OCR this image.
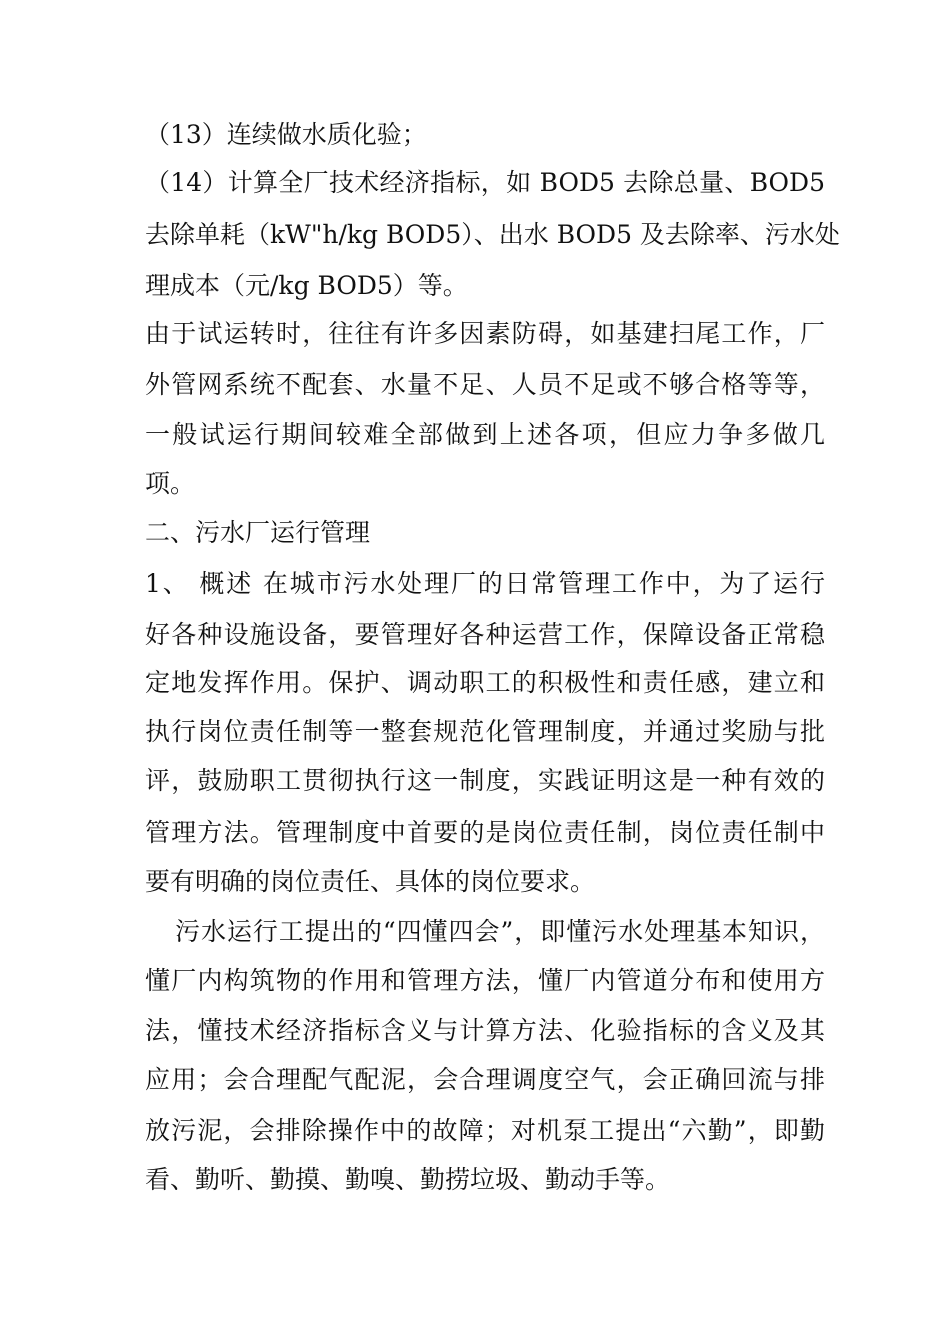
（13）连续做水质化验；
（14）计算全厂技术经济指标，如 BOD5 去除总量、BOD5
去除单耗（kW"h/kg BOD5）、出水 BOD5 及去除率、污水处
理成本（元/kg BOD5）等。
由于试运转时，往往有许多因素防碍，如基建扫尾工作，厂
外管网系统不配套、水量不足、人员不足或不够合格等等，
一般试运行期间较难全部做到上述各项，但应力争多做几
项。
二、污水厂运行管理
1、 概述 在城市污水处理厂的日常管理工作中，为了运行
好各种设施设备，要管理好各种运营工作，保障设备正常稳
定地发挥作用。保护、调动职工的积极性和责任感，建立和
执行岗位责任制等一整套规范化管理制度，并通过奖励与批
评，鼓励职工贯彻执行这一制度，实践证明这是一种有效的
管理方法。管理制度中首要的是岗位责任制，岗位责任制中
要有明确的岗位责任、具体的岗位要求。
污水运行工提出的“四懂四会”，即懂污水处理基本知识，
懂厂内构筑物的作用和管理方法，懂厂内管道分布和使用方
法，懂技术经济指标含义与计算方法、化验指标的含义及其
应用；会合理配气配泥，会合理调度空气，会正确回流与排
放污泥，会排除操作中的故障；对机泵工提出“六勤”，即勤
看、勤听、勤摸、勤嗅、勤捞垃圾、勤动手等。
